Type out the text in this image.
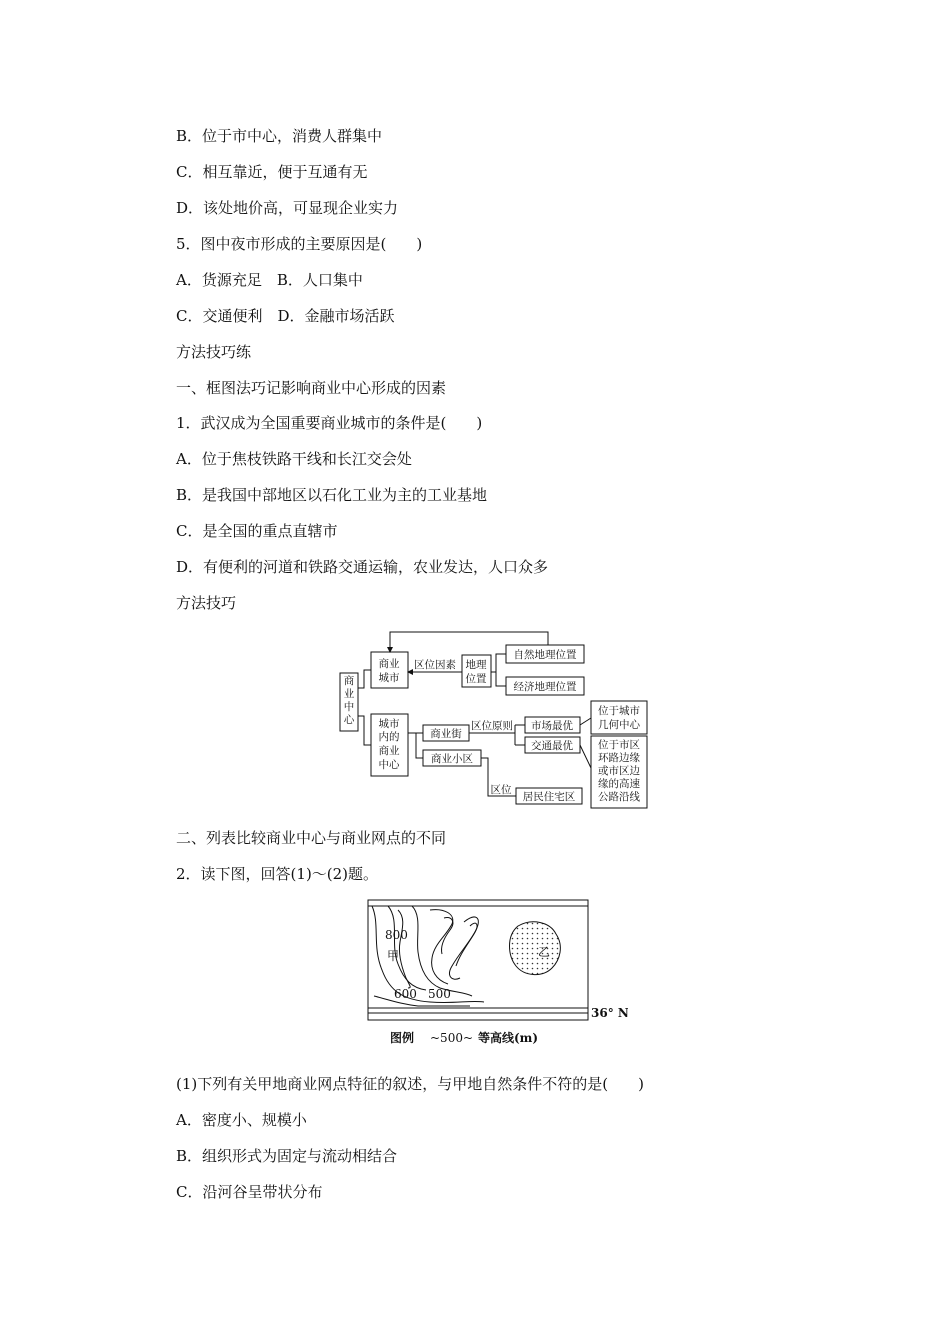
B．位于市中心，消费人群集中
C．相互靠近，便于互通有无
D．该处地价高，可显现企业实力
5．图中夜市形成的主要原因是(　　)
A．货源充足　B．人口集中
C．交通便利　D．金融市场活跃
方法技巧练
一、框图法巧记影响商业中心形成的因素
1．武汉成为全国重要商业城市的条件是(　　)
A．位于焦枝铁路干线和长江交会处
B．是我国中部地区以石化工业为主的工业基地
C．是全国的重点直辖市
D．有便利的河道和铁路交通运输，农业发达，人口众多
方法技巧
二、列表比较商业中心与商业网点的不同
2．读下图，回答(1)～(2)题。
(1)下列有关甲地商业网点特征的叙述，与甲地自然条件不符的是(　　)
A．密度小、规模小
B．组织形式为固定与流动相结合
C．沿河谷呈带状分布
商
业
中
心
商业
城市
区位因素 地理
位置
自然地理位置
经济地理位置
城市
内的
商业
中心
商业街
商业小区
区位原则 市场最优
交通最优
位于城市
几何中心
位于市区
环路边缘
或市区边
缘的高速
公路沿线
区位
居民住宅区
800
甲
600 500
乙
36° N
图例 ~500~ 等高线(m)
